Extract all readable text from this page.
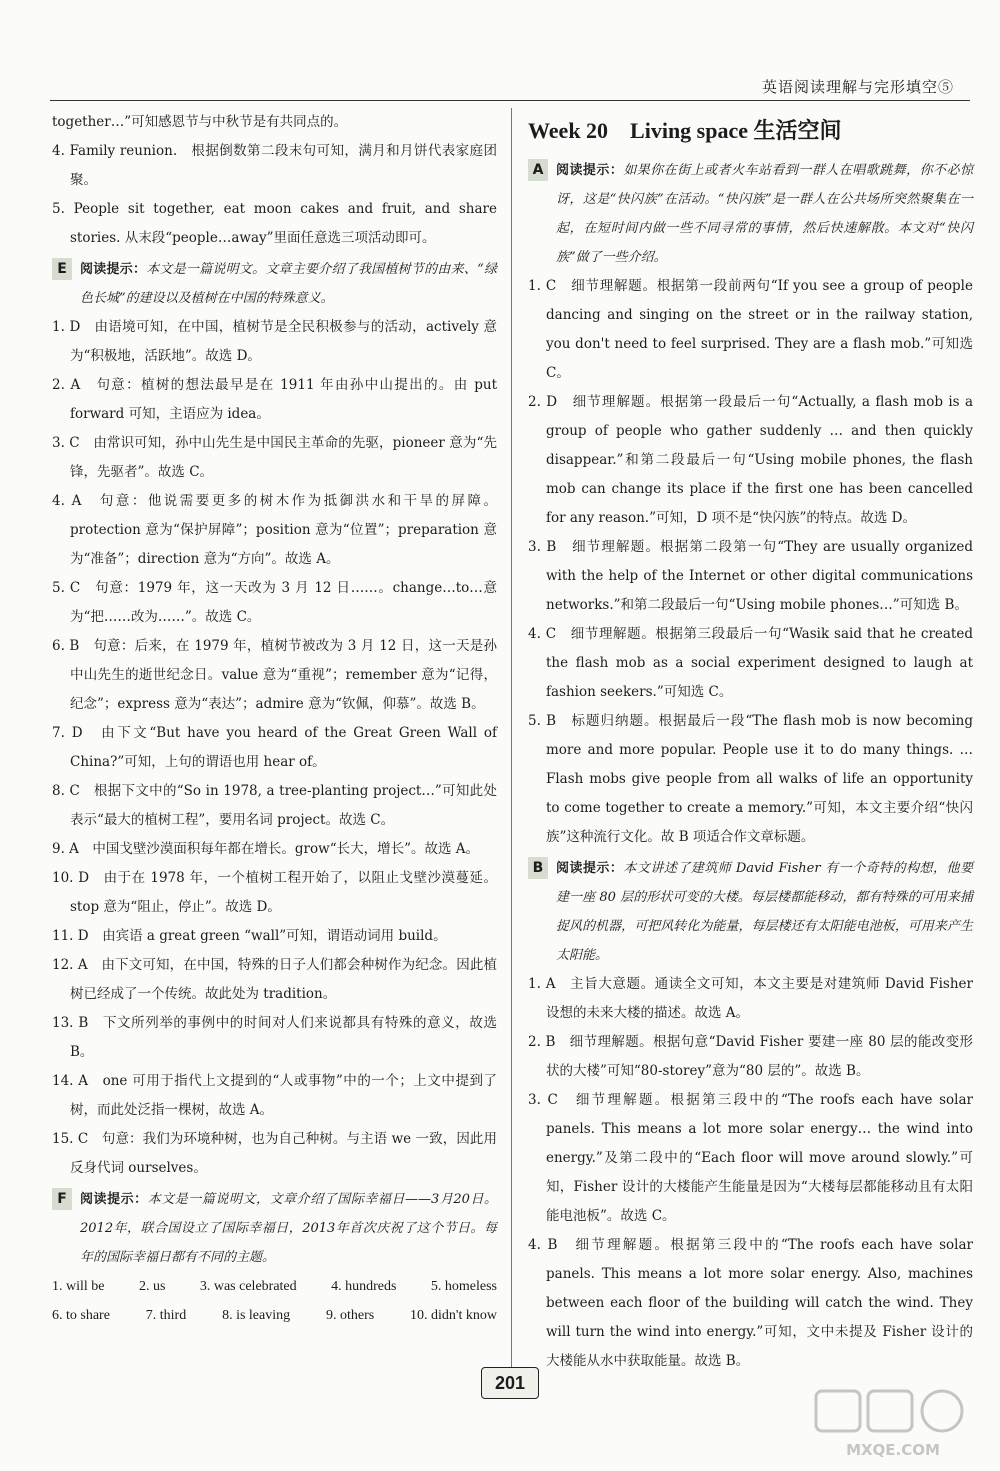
英语阅读理解与完形填空⑤

together…”可知感恩节与中秋节是有共同点的。

4. Family reunion.　根据倒数第二段末句可知，满月和月饼代表家庭团聚。

5. People sit together, eat moon cakes and fruit, and share stories. 从末段“people…away”里面任意选三项活动即可。

E	阅读提示：本文是一篇说明文。文章主要介绍了我国植树节的由来、“绿色长城”的建设以及植树在中国的特殊意义。

1. D　由语境可知，在中国，植树节是全民积极参与的活动，actively 意为“积极地，活跃地”。故选 D。

2. A　句意：植树的想法最早是在 1911 年由孙中山提出的。由 put forward 可知，主语应为 idea。

3. C　由常识可知，孙中山先生是中国民主革命的先驱，pioneer 意为“先锋，先驱者”。故选 C。

4. A　句意：他说需要更多的树木作为抵御洪水和干旱的屏障。protection 意为“保护屏障”；position 意为“位置”；preparation 意为“准备”；direction 意为“方向”。故选 A。

5. C　句意：1979 年，这一天改为 3 月 12 日……。change…to…意为“把……改为……”。故选 C。

6. B　句意：后来，在 1979 年，植树节被改为 3 月 12 日，这一天是孙中山先生的逝世纪念日。value 意为“重视”；remember 意为“记得，纪念”；express 意为“表达”；admire 意为“钦佩，仰慕”。故选 B。

7. D　由下文“But have you heard of the Great Green Wall of China?”可知，上句的谓语也用 hear of。

8. C　根据下文中的“So in 1978, a tree-planting project…”可知此处表示“最大的植树工程”，要用名词 project。故选 C。

9. A　中国戈壁沙漠面积每年都在增长。grow“长大，增长”。故选 A。

10. D　由于在 1978 年，一个植树工程开始了，以阻止戈壁沙漠蔓延。stop 意为“阻止，停止”。故选 D。

11. D　由宾语 a great green “wall”可知，谓语动词用 build。

12. A　由下文可知，在中国，特殊的日子人们都会种树作为纪念。因此植树已经成了一个传统。故此处为 tradition。

13. B　下文所列举的事例中的时间对人们来说都具有特殊的意义，故选 B。

14. A　one 可用于指代上文提到的“人或事物”中的一个；上文中提到了树，而此处泛指一棵树，故选 A。

15. C　句意：我们为环境种树，也为自己种树。与主语 we 一致，因此用反身代词 ourselves。

F	阅读提示：本文是一篇说明文，文章介绍了国际幸福日——3月20日。2012年，联合国设立了国际幸福日，2013年首次庆祝了这个节日。每年的国际幸福日都有不同的主题。

1. will be 2. us 3. was celebrated 4. hundreds 5. homeless
6. to share	7. third	8. is leaving	9. others	10. didn't know
Week 20　Living space 生活空间
A 阅读提示：如果你在街上或者火车站看到一群人在唱歌跳舞，你不必惊讶，这是“快闪族”在活动。“快闪族”是一群人在公共场所突然聚集在一起，在短时间内做一些不同寻常的事情，然后快速解散。本文对“快闪族”做了一些介绍。

1. C　细节理解题。根据第一段前两句“If you see a group of people dancing and singing on the street or in the railway station, you don't need to feel surprised. They are a flash mob.”可知选 C。

2. D　细节理解题。根据第一段最后一句“Actually, a flash mob is a group of people who gather suddenly … and then quickly disappear.”和第二段最后一句“Using mobile phones, the flash mob can change its place if the first one has been cancelled for any reason.”可知，D 项不是“快闪族”的特点。故选 D。

3. B　细节理解题。根据第二段第一句“They are usually organized with the help of the Internet or other digital communications networks.”和第二段最后一句“Using mobile phones…”可知选 B。

4. C　细节理解题。根据第三段最后一句“Wasik said that he created the flash mob as a social experiment designed to laugh at fashion seekers.”可知选 C。

5. B　标题归纳题。根据最后一段“The flash mob is now becoming more and more popular. People use it to do many things. … Flash mobs give people from all walks of life an opportunity to come together to create a memory.”可知，本文主要介绍“快闪族”这种流行文化。故 B 项适合作文章标题。

B 阅读提示：本文讲述了建筑师 David Fisher 有一个奇特的构想，他要建一座 80 层的形状可变的大楼。每层楼都能移动，都有特殊的可用来捕捉风的机器，可把风转化为能量，每层楼还有太阳能电池板，可用来产生太阳能。

1. A　主旨大意题。通读全文可知，本文主要是对建筑师 David Fisher 设想的未来大楼的描述。故选 A。

2. B　细节理解题。根据句意“David Fisher 要建一座 80 层的能改变形状的大楼”可知“80-storey”意为“80 层的”。故选 B。

3. C　细节理解题。根据第三段中的“The roofs each have solar panels. This means a lot more solar energy… the wind into energy.”及第二段中的“Each floor will move around slowly.”可知，Fisher 设计的大楼能产生能量是因为“大楼每层都能移动且有太阳能电池板”。故选 C。

4. B　细节理解题。根据第三段中的“The roofs each have solar panels. This means a lot more solar energy. Also, machines between each floor of the building will catch the wind. They will turn the wind into energy.”可知，文中未提及 Fisher 设计的大楼能从水中获取能量。故选 B。

201
MXQE.COM
